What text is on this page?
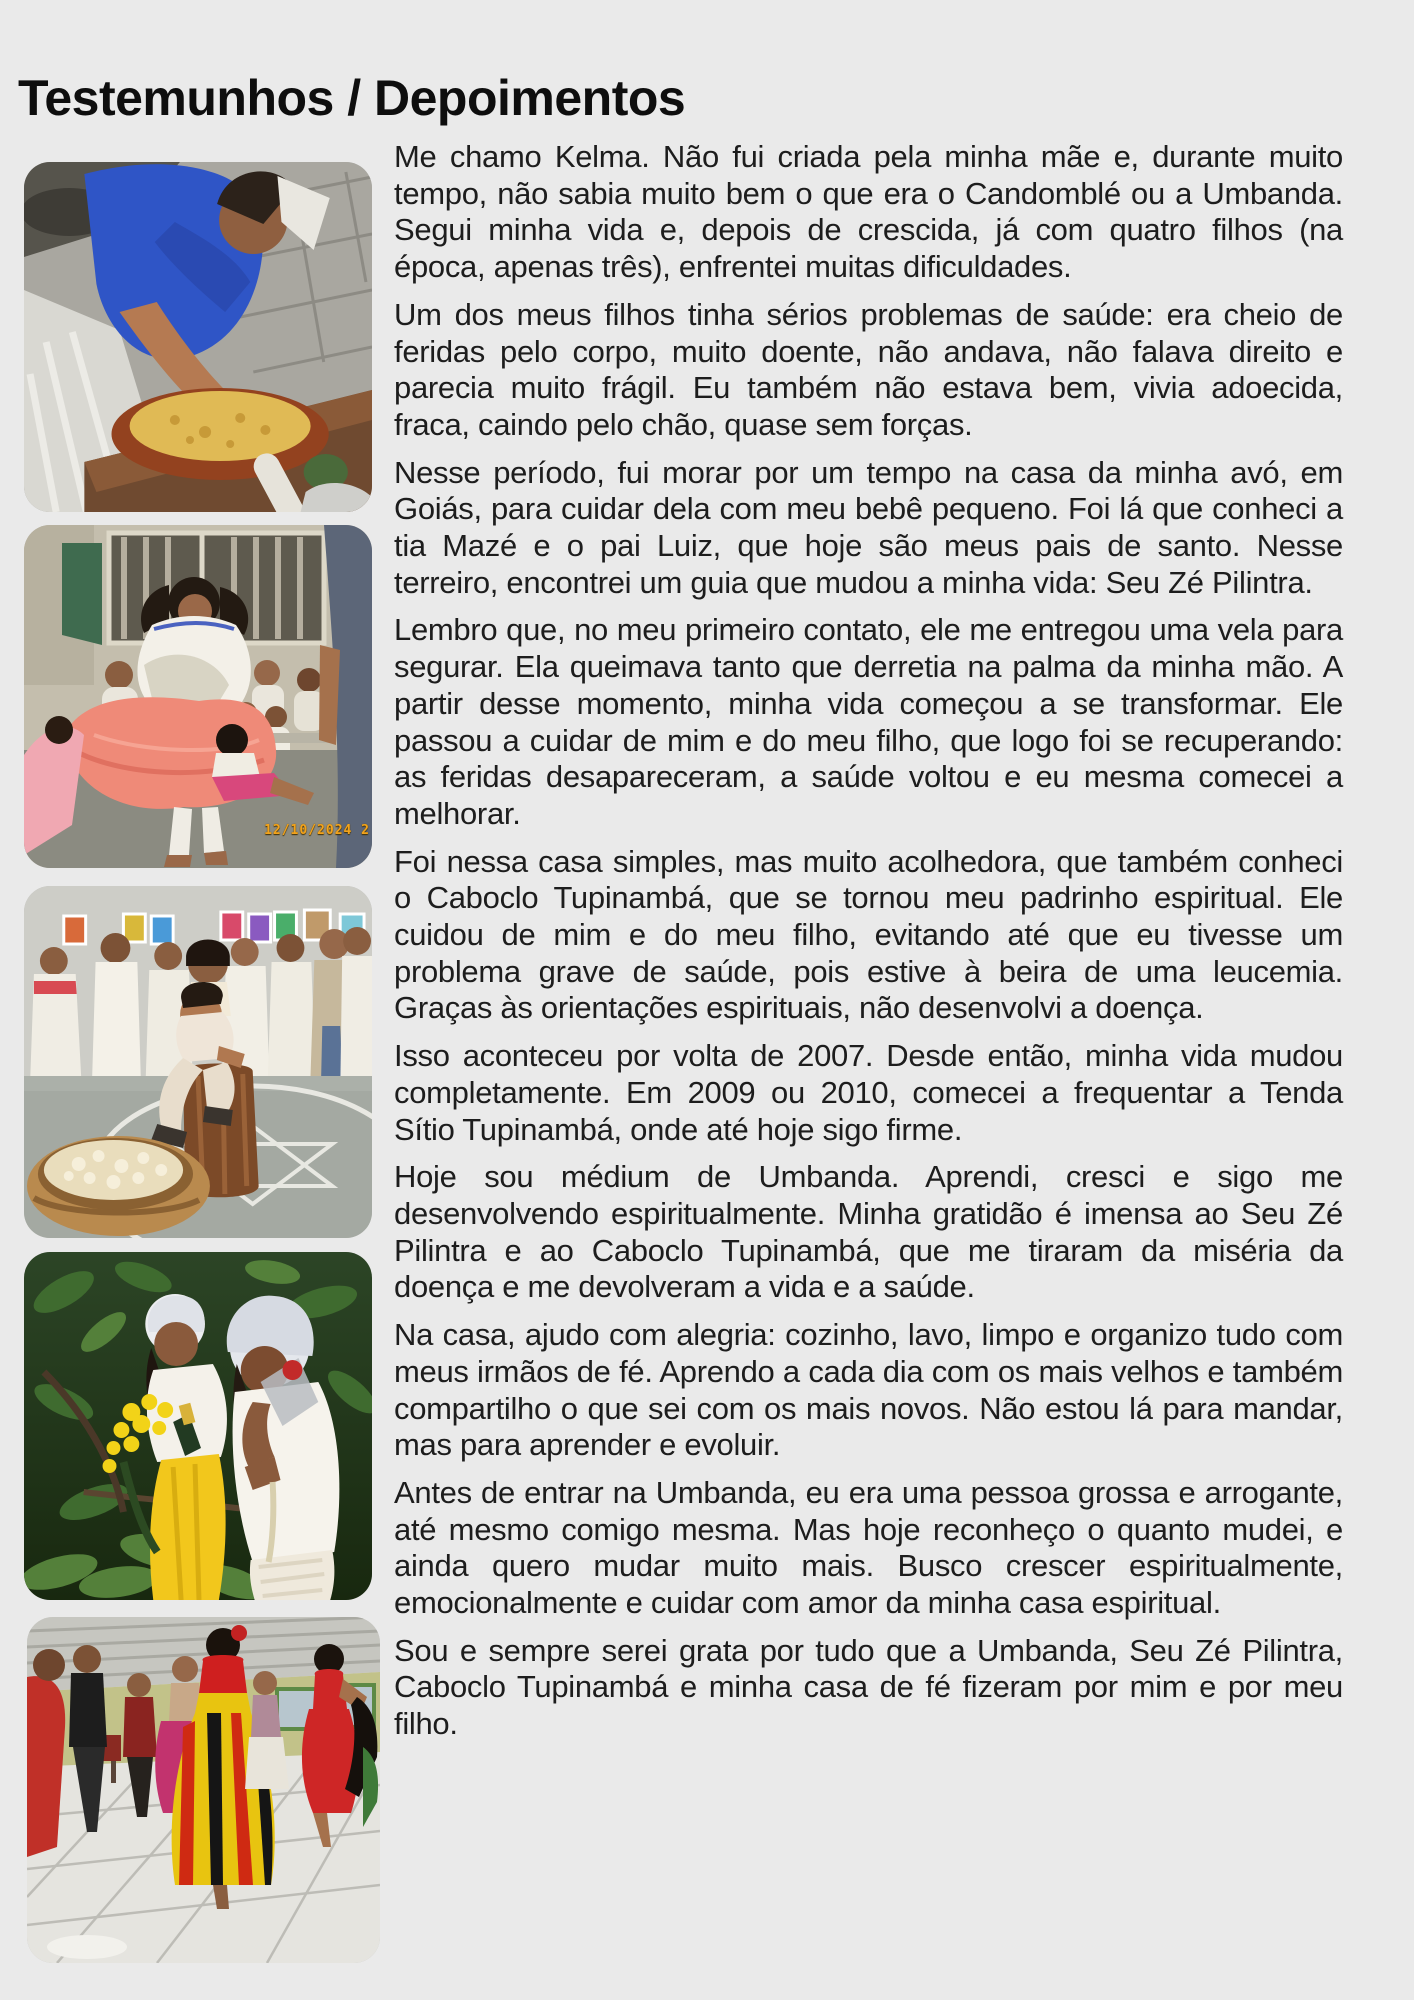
Testemunhos / Depoimentos
12/10/2024 2

Me chamo Kelma. Não fui criada pela minha mãe e, durante muito tempo, não sabia muito bem o que era o Candomblé ou a Umbanda. Segui minha vida e, depois de crescida, já com quatro filhos (na época, apenas três), enfrentei muitas dificuldades.

Um dos meus filhos tinha sérios problemas de saúde: era cheio de feridas pelo corpo, muito doente, não andava, não falava direito e parecia muito frágil. Eu também não estava bem, vivia adoecida, fraca, caindo pelo chão, quase sem forças.

Nesse período, fui morar por um tempo na casa da minha avó, em Goiás, para cuidar dela com meu bebê pequeno. Foi lá que conheci a tia Mazé e o pai Luiz, que hoje são meus pais de santo. Nesse terreiro, encontrei um guia que mudou a minha vida: Seu Zé Pilintra.

Lembro que, no meu primeiro contato, ele me entregou uma vela para segurar. Ela queimava tanto que derretia na palma da minha mão. A partir desse momento, minha vida começou a se transformar. Ele passou a cuidar de mim e do meu filho, que logo foi se recuperando: as feridas desapareceram, a saúde voltou e eu mesma comecei a melhorar.

Foi nessa casa simples, mas muito acolhedora, que também conheci o Caboclo Tupinambá, que se tornou meu padrinho espiritual. Ele cuidou de mim e do meu filho, evitando até que eu tivesse um problema grave de saúde, pois estive à beira de uma leucemia. Graças às orientações espirituais, não desenvolvi a doença.

Isso aconteceu por volta de 2007. Desde então, minha vida mudou completamente. Em 2009 ou 2010, comecei a frequentar a Tenda Sítio Tupinambá, onde até hoje sigo firme.

Hoje sou médium de Umbanda. Aprendi, cresci e sigo me desenvolvendo espiritualmente. Minha gratidão é imensa ao Seu Zé Pilintra e ao Caboclo Tupinambá, que me tiraram da miséria da doença e me devolveram a vida e a saúde.

Na casa, ajudo com alegria: cozinho, lavo, limpo e organizo tudo com meus irmãos de fé. Aprendo a cada dia com os mais velhos e também compartilho o que sei com os mais novos. Não estou lá para mandar, mas para aprender e evoluir.

Antes de entrar na Umbanda, eu era uma pessoa grossa e arrogante, até mesmo comigo mesma. Mas hoje reconheço o quanto mudei, e ainda quero mudar muito mais. Busco crescer espiritualmente, emocionalmente e cuidar com amor da minha casa espiritual.

Sou e sempre serei grata por tudo que a Umbanda, Seu Zé Pilintra, Caboclo Tupinambá e minha casa de fé fizeram por mim e por meu filho.
